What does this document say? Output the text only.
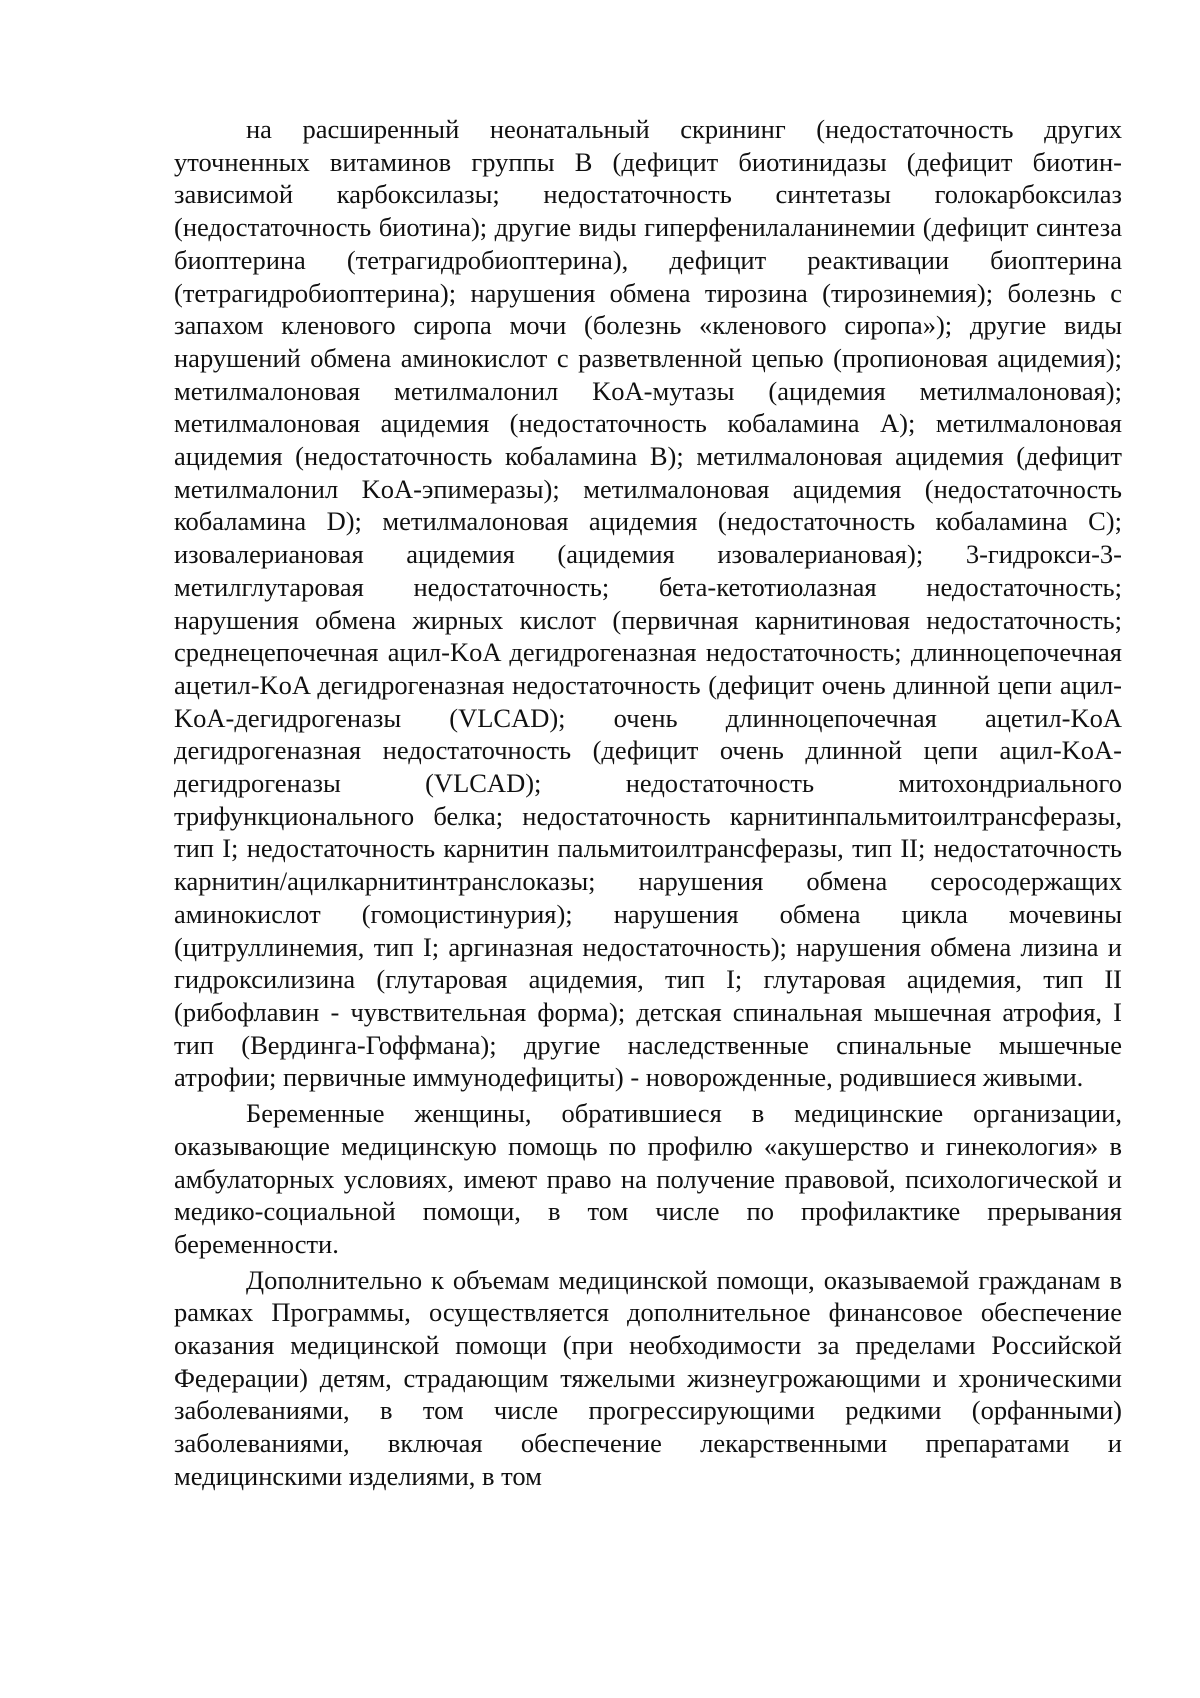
на расширенный неонатальный скрининг (недостаточность других уточненных витаминов группы B (дефицит биотинидазы (дефицит биотин-зависимой карбоксилазы; недостаточность синтетазы голокарбоксилаз (недостаточность биотина); другие виды гиперфенилаланинемии (дефицит синтеза биоптерина (тетрагидробиоптерина), дефицит реактивации биоптерина (тетрагидробиоптерина); нарушения обмена тирозина (тирозинемия); болезнь с запахом кленового сиропа мочи (болезнь «кленового сиропа»); другие виды нарушений обмена аминокислот с разветвленной цепью (пропионовая ацидемия); метилмалоновая метилмалонил KoA-мутазы (ацидемия метилмалоновая); метилмалоновая ацидемия (недостаточность кобаламина A); метилмалоновая ацидемия (недостаточность кобаламина B); метилмалоновая ацидемия (дефицит метилмалонил KoA-эпимеразы); метилмалоновая ацидемия (недостаточность кобаламина D); метилмалоновая ацидемия (недостаточность кобаламина C); изовалериановая ацидемия (ацидемия изовалериановая); 3-гидрокси-3-метилглутаровая недостаточность; бета-кетотиолазная недостаточность; нарушения обмена жирных кислот (первичная карнитиновая недостаточность; среднецепочечная ацил-KoA дегидрогеназная недостаточность; длинноцепочечная ацетил-KoA дегидрогеназная недостаточность (дефицит очень длинной цепи ацил-KoA-дегидрогеназы (VLCAD); очень длинноцепочечная ацетил-KoA дегидрогеназная недостаточность (дефицит очень длинной цепи ацил-KoA-дегидрогеназы (VLCAD); недостаточность митохондриального трифункционального белка; недостаточность карнитинпальмитоилтрансферазы, тип I; недостаточность карнитин пальмитоилтрансферазы, тип II; недостаточность карнитин/ацилкарнитинтранслоказы; нарушения обмена серосодержащих аминокислот (гомоцистинурия); нарушения обмена цикла мочевины (цитруллинемия, тип I; аргиназная недостаточность); нарушения обмена лизина и гидроксилизина (глутаровая ацидемия, тип I; глутаровая ацидемия, тип II (рибофлавин - чувствительная форма); детская спинальная мышечная атрофия, I тип (Вердинга-Гоффмана); другие наследственные спинальные мышечные атрофии; первичные иммунодефициты) - новорожденные, родившиеся живыми.

Беременные женщины, обратившиеся в медицинские организации, оказывающие медицинскую помощь по профилю «акушерство и гинекология» в амбулаторных условиях, имеют право на получение правовой, психологической и медико-социальной помощи, в том числе по профилактике прерывания беременности.

Дополнительно к объемам медицинской помощи, оказываемой гражданам в рамках Программы, осуществляется дополнительное финансовое обеспечение оказания медицинской помощи (при необходимости за пределами Российской Федерации) детям, страдающим тяжелыми жизнеугрожающими и хроническими заболеваниями, в том числе прогрессирующими редкими (орфанными) заболеваниями, включая обеспечение лекарственными препаратами и медицинскими изделиями, в том
